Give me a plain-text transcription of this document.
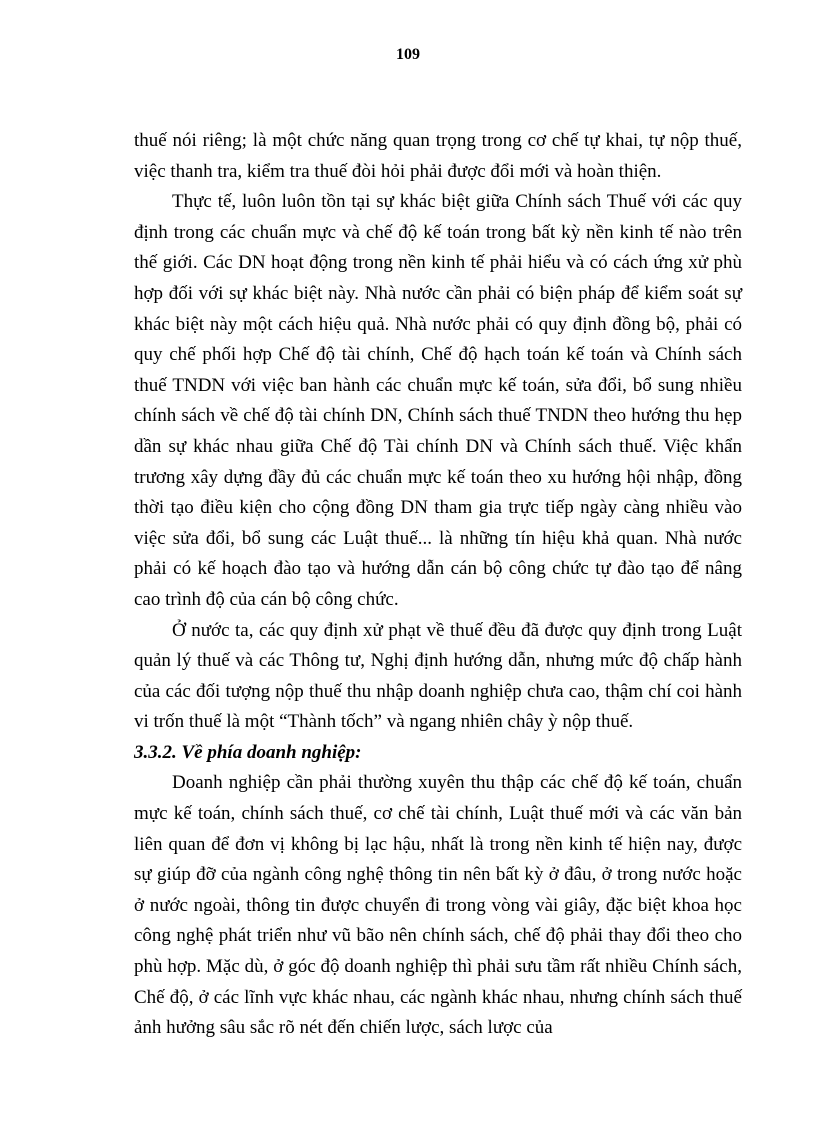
109

thuế nói riêng; là một chức năng quan trọng trong cơ chế tự khai, tự nộp thuế, việc thanh tra, kiểm tra thuế đòi hỏi phải được đổi mới và hoàn thiện.

Thực tế, luôn luôn tồn tại sự khác biệt giữa Chính sách Thuế với các quy định trong các chuẩn mực và chế độ kế toán trong bất kỳ nền kinh tế nào trên thế giới. Các DN hoạt động trong nền kinh tế phải hiểu và có cách ứng xử phù hợp đối với sự khác biệt này. Nhà nước cần phải có biện pháp để kiểm soát sự khác biệt này một cách hiệu quả. Nhà nước phải có quy định đồng bộ, phải có quy chế phối hợp Chế độ tài chính, Chế độ hạch toán kế toán và Chính sách thuế TNDN với việc ban hành các chuẩn mực kế toán, sửa đổi, bổ sung nhiều chính sách về chế độ tài chính DN, Chính sách thuế TNDN theo hướng thu hẹp dần sự khác nhau giữa Chế độ Tài chính DN và Chính sách thuế. Việc khẩn trương xây dựng đầy đủ các chuẩn mực kế toán theo xu hướng hội nhập, đồng thời tạo điều kiện cho cộng đồng DN tham gia trực tiếp ngày càng nhiều vào việc sửa đổi, bổ sung các Luật thuế... là những tín hiệu khả quan. Nhà nước phải có kế hoạch đào tạo và hướng dẫn cán bộ công chức tự đào tạo để nâng cao trình độ của cán bộ công chức.

Ở nước ta, các quy định xử phạt về thuế đều đã được quy định trong Luật quản lý thuế và các Thông tư, Nghị định hướng dẫn, nhưng mức độ chấp hành của các đối tượng nộp thuế thu nhập doanh nghiệp chưa cao, thậm chí coi hành vi trốn thuế là một “Thành tốch” và ngang nhiên chây ỳ nộp thuế.

3.3.2. Về phía doanh nghiệp:

Doanh nghiệp cần phải thường xuyên thu thập các chế độ kế toán, chuẩn mực kế toán, chính sách thuế, cơ chế tài chính, Luật thuế mới và các văn bản liên quan để đơn vị không bị lạc hậu, nhất là trong nền kinh tế hiện nay, được sự giúp đỡ của ngành công nghệ thông tin nên bất kỳ ở đâu, ở trong nước hoặc ở nước ngoài, thông tin được chuyển đi trong vòng vài giây, đặc biệt khoa học công nghệ phát triển như vũ bão nên chính sách, chế độ phải thay đổi theo cho phù hợp. Mặc dù, ở góc độ doanh nghiệp thì phải sưu tầm rất nhiều Chính sách, Chế độ, ở các lĩnh vực khác nhau, các ngành khác nhau, nhưng chính sách thuế ảnh hưởng sâu sắc rõ nét đến chiến lược, sách lược của
